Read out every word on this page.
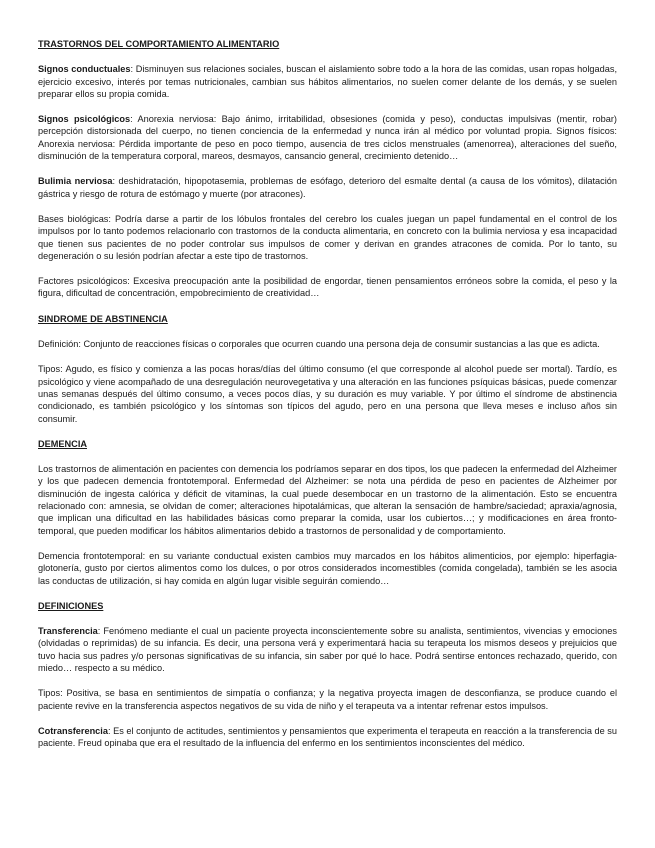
TRASTORNOS DEL COMPORTAMIENTO ALIMENTARIO

Signos conductuales: Disminuyen sus relaciones sociales, buscan el aislamiento sobre todo a la hora de las comidas, usan ropas holgadas, ejercicio excesivo, interés por temas nutricionales, cambian sus hábitos alimentarios, no suelen comer delante de los demás, y se suelen preparar ellos su propia comida.

Signos psicológicos: Anorexia nerviosa: Bajo ánimo, irritabilidad, obsesiones (comida y peso), conductas impulsivas (mentir, robar) percepción distorsionada del cuerpo, no tienen conciencia de la enfermedad y nunca irán al médico por voluntad propia. Signos físicos: Anorexia nerviosa: Pérdida importante de peso en poco tiempo, ausencia de tres ciclos menstruales (amenorrea), alteraciones del sueño, disminución de la temperatura corporal, mareos, desmayos, cansancio general, crecimiento detenido…

Bulimia nerviosa: deshidratación, hipopotasemia, problemas de esófago, deterioro del esmalte dental (a causa de los vómitos), dilatación gástrica y riesgo de rotura de estómago y muerte (por atracones).

Bases biológicas: Podría darse a partir de los lóbulos frontales del cerebro los cuales juegan un papel fundamental en el control de los impulsos por lo tanto podemos relacionarlo con trastornos de la conducta alimentaria, en concreto con la bulimia nerviosa y esa incapacidad que tienen sus pacientes de no poder controlar sus impulsos de comer y derivan en grandes atracones de comida. Por lo tanto, su degeneración o su lesión podrían afectar a este tipo de trastornos.

Factores psicológicos: Excesiva preocupación ante la posibilidad de engordar, tienen pensamientos erróneos sobre la comida, el peso y la figura, dificultad de concentración, empobrecimiento de creatividad…

SINDROME DE ABSTINENCIA

Definición: Conjunto de reacciones físicas o corporales que ocurren cuando una persona deja de consumir sustancias a las que es adicta.

Tipos: Agudo, es físico y comienza a las pocas horas/días del último consumo (el que corresponde al alcohol puede ser mortal). Tardío, es psicológico y viene acompañado de una desregulación neurovegetativa y una alteración en las funciones psíquicas básicas, puede comenzar unas semanas después del último consumo, a veces pocos días, y su duración es muy variable. Y por último el síndrome de abstinencia condicionado, es también psicológico y los síntomas son típicos del agudo, pero en una persona que lleva meses e incluso años sin consumir.

DEMENCIA

Los trastornos de alimentación en pacientes con demencia los podríamos separar en dos tipos, los que padecen la enfermedad del Alzheimer y los que padecen demencia frontotemporal. Enfermedad del Alzheimer: se nota una pérdida de peso en pacientes de Alzheimer por disminución de ingesta calórica y déficit de vitaminas, la cual puede desembocar en un trastorno de la alimentación. Esto se encuentra relacionado con: amnesia, se olvidan de comer; alteraciones hipotalámicas, que alteran la sensación de hambre/saciedad; apraxia/agnosia, que implican una dificultad en las habilidades básicas como preparar la comida, usar los cubiertos…; y modificaciones en área fronto-temporal, que pueden modificar los hábitos alimentarios debido a trastornos de personalidad y de comportamiento.

Demencia frontotemporal: en su variante conductual existen cambios muy marcados en los hábitos alimenticios, por ejemplo: hiperfagia-glotonería, gusto por ciertos alimentos como los dulces, o por otros considerados incomestibles (comida congelada), también se les asocia las conductas de utilización, si hay comida en algún lugar visible seguirán comiendo…

DEFINICIONES

Transferencia: Fenómeno mediante el cual un paciente proyecta inconscientemente sobre su analista, sentimientos, vivencias y emociones (olvidadas o reprimidas) de su infancia. Es decir, una persona verá y experimentará hacia su terapeuta los mismos deseos y prejuicios que tuvo hacia sus padres y/o personas significativas de su infancia, sin saber por qué lo hace. Podrá sentirse entonces rechazado, querido, con miedo… respecto a su médico.

Tipos: Positiva, se basa en sentimientos de simpatía o confianza; y la negativa proyecta imagen de desconfianza, se produce cuando el paciente revive en la transferencia aspectos negativos de su vida de niño y el terapeuta va a intentar refrenar estos impulsos.

Cotransferencia: Es el conjunto de actitudes, sentimientos y pensamientos que experimenta el terapeuta en reacción a la transferencia de su paciente. Freud opinaba que era el resultado de la influencia del enfermo en los sentimientos inconscientes del médico.
